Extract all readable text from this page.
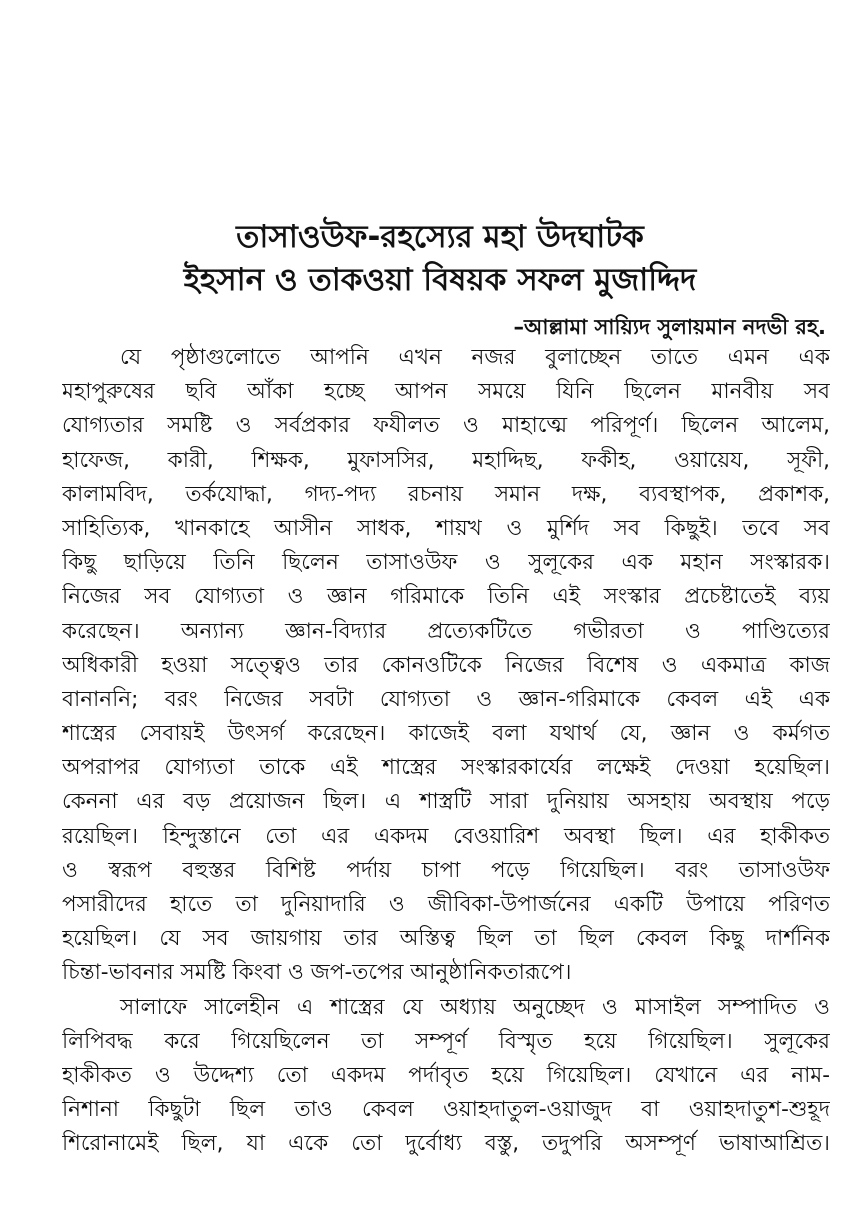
তাসাওউফ-রহস্যের মহা উদঘাটক
ইহসান ও তাকওয়া বিষয়ক সফল মুজাদ্দিদ
–আল্লামা সায়্যিদ সুলায়মান নদভী রহ.
যে পৃষ্ঠাগুলোতে আপনি এখন নজর বুলাচ্ছেন তাতে এমন এক
মহাপুরুষের ছবি আঁকা হচ্ছে আপন সময়ে যিনি ছিলেন মানবীয় সব
যোগ্যতার সমষ্টি ও সর্বপ্রকার ফযীলত ও মাহাত্মে পরিপূর্ণ। ছিলেন আলেম,
হাফেজ, কারী, শিক্ষক, মুফাসসির, মহাদ্দিছ, ফকীহ, ওয়ায়েয, সূফী,
কালামবিদ, তর্কযোদ্ধা, গদ্য-পদ্য রচনায় সমান দক্ষ, ব্যবস্থাপক, প্রকাশক,
সাহিত্যিক, খানকাহে আসীন সাধক, শায়খ ও মুর্শিদ সব কিছুই। তবে সব
কিছু ছাড়িয়ে তিনি ছিলেন তাসাওউফ ও সুলূকের এক মহান সংস্কারক।
নিজের সব যোগ্যতা ও জ্ঞান গরিমাকে তিনি এই সংস্কার প্রচেষ্টাতেই ব্যয়
করেছেন। অন্যান্য জ্ঞান-বিদ্যার প্রত্যেকটিতে গভীরতা ও পাণ্ডিত্যের
অধিকারী হওয়া সত্ত্বেও তার কোনওটিকে নিজের বিশেষ ও একমাত্র কাজ
বানাননি; বরং নিজের সবটা যোগ্যতা ও জ্ঞান-গরিমাকে কেবল এই এক
শাস্ত্রের সেবায়ই উৎসর্গ করেছেন। কাজেই বলা যথার্থ যে, জ্ঞান ও কর্মগত
অপরাপর যোগ্যতা তাকে এই শাস্ত্রের সংস্কারকার্যের লক্ষেই দেওয়া হয়েছিল।
কেননা এর বড় প্রয়োজন ছিল। এ শাস্ত্রটি সারা দুনিয়ায় অসহায় অবস্থায় পড়ে
রয়েছিল। হিন্দুস্তানে তো এর একদম বেওয়ারিশ অবস্থা ছিল। এর হাকীকত
ও স্বরূপ বহুস্তর বিশিষ্ট পর্দায় চাপা পড়ে গিয়েছিল। বরং তাসাওউফ
পসারীদের হাতে তা দুনিয়াদারি ও জীবিকা-উপার্জনের একটি উপায়ে পরিণত
হয়েছিল। যে সব জায়গায় তার অস্তিত্ব ছিল তা ছিল কেবল কিছু দার্শনিক
চিন্তা-ভাবনার সমষ্টি কিংবা ও জপ-তপের আনুষ্ঠানিকতারূপে।
সালাফে সালেহীন এ শাস্ত্রের যে অধ্যায় অনুচ্ছেদ ও মাসাইল সম্পাদিত ও
লিপিবদ্ধ করে গিয়েছিলেন তা সম্পূর্ণ বিস্মৃত হয়ে গিয়েছিল। সুলূকের
হাকীকত ও উদ্দেশ্য তো একদম পর্দাবৃত হয়ে গিয়েছিল। যেখানে এর নাম-
নিশানা কিছুটা ছিল তাও কেবল ওয়াহদাতুল-ওয়াজুদ বা ওয়াহদাতুশ-শুহূদ
শিরোনামেই ছিল, যা একে তো দুর্বোধ্য বস্তু, তদুপরি অসম্পূর্ণ ভাষাআশ্রিত।
